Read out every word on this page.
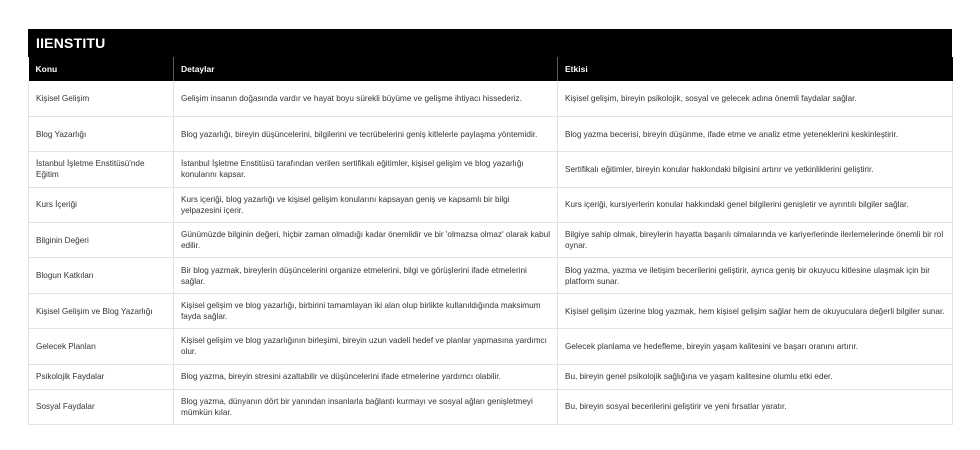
IIENSTITU
Konu	Detaylar	Etkisi
Kişisel Gelişim	Gelişim insanın doğasında vardır ve hayat boyu sürekli büyüme ve gelişme ihtiyacı hissederiz.	Kişisel gelişim, bireyin psikolojik, sosyal ve gelecek adına önemli faydalar sağlar.
Blog Yazarlığı	Blog yazarlığı, bireyin düşüncelerini, bilgilerini ve tecrübelerini geniş kitlelerle paylaşma yöntemidir.	Blog yazma becerisi, bireyin düşünme, ifade etme ve analiz etme yeteneklerini keskinleştirir.
İstanbul İşletme Enstitüsü'nde Eğitim	İstanbul İşletme Enstitüsü tarafından verilen sertifikalı eğitimler, kişisel gelişim ve blog yazarlığı konularını kapsar.	Sertifikalı eğitimler, bireyin konular hakkındaki bilgisini artırır ve yetkinliklerini geliştirir.
Kurs İçeriği	Kurs içeriği, blog yazarlığı ve kişisel gelişim konularını kapsayan geniş ve kapsamlı bir bilgi yelpazesini içerir.	Kurs içeriği, kursiyerlerin konular hakkındaki genel bilgilerini genişletir ve ayrıntılı bilgiler sağlar.
Bilginin Değeri	Günümüzde bilginin değeri, hiçbir zaman olmadığı kadar önemlidir ve bir 'olmazsa olmaz' olarak kabul edilir.	Bilgiye sahip olmak, bireylerin hayatta başarılı olmalarında ve kariyerlerinde ilerlemelerinde önemli bir rol oynar.
Blogun Katkıları	Bir blog yazmak, bireylerin düşüncelerini organize etmelerini, bilgi ve görüşlerini ifade etmelerini sağlar.	Blog yazma, yazma ve iletişim becerilerini geliştirir, ayrıca geniş bir okuyucu kitlesine ulaşmak için bir platform sunar.
Kişisel Gelişim ve Blog Yazarlığı	Kişisel gelişim ve blog yazarlığı, birbirini tamamlayan iki alan olup birlikte kullanıldığında maksimum fayda sağlar.	Kişisel gelişim üzerine blog yazmak, hem kişisel gelişim sağlar hem de okuyuculara değerli bilgiler sunar.
Gelecek Planları	Kişisel gelişim ve blog yazarlığının birleşimi, bireyin uzun vadeli hedef ve planlar yapmasına yardımcı olur.	Gelecek planlama ve hedefleme, bireyin yaşam kalitesini ve başarı oranını artırır.
Psikolojik Faydalar	Blog yazma, bireyin stresini azaltabilir ve düşüncelerini ifade etmelerine yardımcı olabilir.	Bu, bireyin genel psikolojik sağlığına ve yaşam kalitesine olumlu etki eder.
Sosyal Faydalar	Blog yazma, dünyanın dört bir yanından insanlarla bağlantı kurmayı ve sosyal ağları genişletmeyi mümkün kılar.	Bu, bireyin sosyal becerilerini geliştirir ve yeni fırsatlar yaratır.
